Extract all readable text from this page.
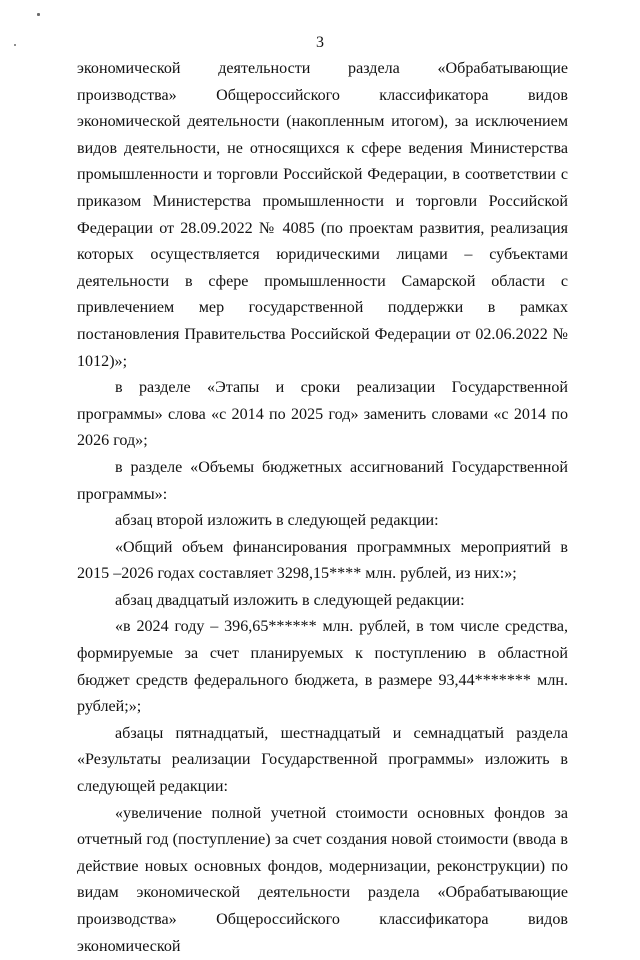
3

экономической деятельности раздела «Обрабатывающие производства» Общероссийского классификатора видов экономической деятельности (накопленным итогом), за исключением видов деятельности, не относящихся к сфере ведения Министерства промышленности и торговли Российской Федерации, в соответствии с приказом Министерства промышленности и торговли Российской Федерации от 28.09.2022 № 4085 (по проектам развития, реализация которых осуществляется юридическими лицами – субъектами деятельности в сфере промышленности Самарской области с привлечением мер государственной поддержки в рамках постановления Правительства Российской Федерации от 02.06.2022 № 1012)»;

в разделе «Этапы и сроки реализации Государственной программы» слова «с 2014 по 2025 год» заменить словами «с 2014 по 2026 год»;

в разделе «Объемы бюджетных ассигнований Государственной программы»:

абзац второй изложить в следующей редакции:

«Общий объем финансирования программных мероприятий в 2015 –2026 годах составляет 3298,15**** млн. рублей, из них:»;

абзац двадцатый изложить в следующей редакции:

«в 2024 году – 396,65****** млн. рублей, в том числе средства, формируемые за счет планируемых к поступлению в областной бюджет средств федерального бюджета, в размере 93,44******* млн. рублей;»;

абзацы пятнадцатый, шестнадцатый и семнадцатый раздела «Результаты реализации Государственной программы» изложить в следующей редакции:

«увеличение полной учетной стоимости основных фондов за отчетный год (поступление) за счет создания новой стоимости (ввода в действие новых основных фондов, модернизации, реконструкции) по видам экономической деятельности раздела «Обрабатывающие производства» Общероссийского классификатора видов экономической
